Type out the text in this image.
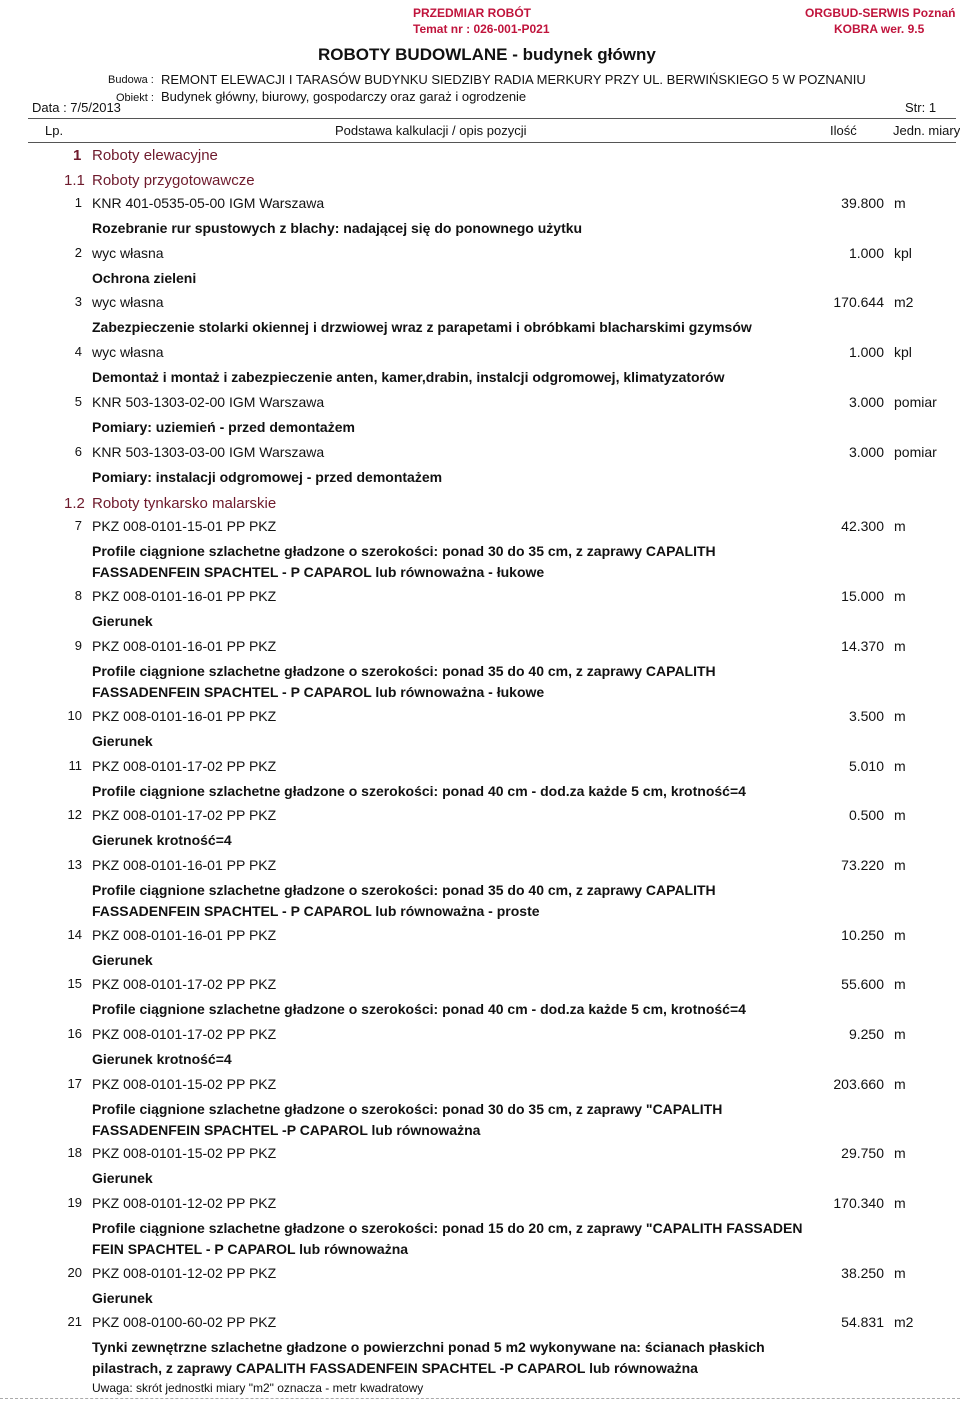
PRZEDMIAR ROBÓT
Temat nr : 026-001-P021
ORGBUD-SERWIS Poznań
KOBRA wer. 9.5
ROBOTY BUDOWLANE - budynek główny
Budowa : REMONT ELEWACJI I TARASÓW BUDYNKU SIEDZIBY RADIA MERKURY PRZY UL. BERWIŃSKIEGO 5 W POZNANIU
Obiekt : Budynek główny, biurowy, gospodarczy oraz garaż i ogrodzenie
Data : 7/5/2013	Str: 1
Lp.	Podstawa kalkulacji / opis pozycji	Ilość	Jedn. miary
1 Roboty elewacyjne
1.1 Roboty przygotowawcze
1.2 Roboty tynkarsko malarskie
1 KNR 401-0535-05-00 IGM Warszawa	39.800 m
Rozebranie rur spustowych z blachy: nadającej się do ponownego użytku
2 wyc własna	1.000 kpl
Ochrona zieleni
3 wyc własna	170.644 m2
Zabezpieczenie stolarki okiennej i drzwiowej wraz z parapetami i obróbkami blacharskimi gzymsów
4 wyc własna	1.000 kpl
Demontaż i montaż i zabezpieczenie anten, kamer,drabin, instalcji odgromowej, klimatyzatorów
5 KNR 503-1303-02-00 IGM Warszawa	3.000 pomiar
Pomiary: uziemień - przed demontażem
6 KNR 503-1303-03-00 IGM Warszawa	3.000 pomiar
Pomiary: instalacji odgromowej - przed demontażem
7 PKZ 008-0101-15-01 PP PKZ	42.300 m
Profile ciągnione szlachetne gładzone o szerokości: ponad 30 do 35 cm, z zaprawy CAPALITH
FASSADENFEIN SPACHTEL - P CAPAROL lub równoważna - łukowe
8 PKZ 008-0101-16-01 PP PKZ	15.000 m
Gierunek
9 PKZ 008-0101-16-01 PP PKZ	14.370 m
Profile ciągnione szlachetne gładzone o szerokości: ponad 35 do 40 cm, z zaprawy CAPALITH
FASSADENFEIN SPACHTEL - P CAPAROL lub równoważna - łukowe
10 PKZ 008-0101-16-01 PP PKZ	3.500 m
Gierunek
11 PKZ 008-0101-17-02 PP PKZ	5.010 m
Profile ciągnione szlachetne gładzone o szerokości: ponad 40 cm - dod.za każde 5 cm, krotność=4
12 PKZ 008-0101-17-02 PP PKZ	0.500 m
Gierunek krotność=4
13 PKZ 008-0101-16-01 PP PKZ	73.220 m
Profile ciągnione szlachetne gładzone o szerokości: ponad 35 do 40 cm, z zaprawy CAPALITH
FASSADENFEIN SPACHTEL - P CAPAROL lub równoważna - proste
14 PKZ 008-0101-16-01 PP PKZ	10.250 m
Gierunek
15 PKZ 008-0101-17-02 PP PKZ	55.600 m
Profile ciągnione szlachetne gładzone o szerokości: ponad 40 cm - dod.za każde 5 cm, krotność=4
16 PKZ 008-0101-17-02 PP PKZ	9.250 m
Gierunek krotność=4
17 PKZ 008-0101-15-02 PP PKZ	203.660 m
Profile ciągnione szlachetne gładzone o szerokości: ponad 30 do 35 cm, z zaprawy "CAPALITH
FASSADENFEIN SPACHTEL -P CAPAROL lub równoważna
18 PKZ 008-0101-15-02 PP PKZ	29.750 m
Gierunek
19 PKZ 008-0101-12-02 PP PKZ	170.340 m
Profile ciągnione szlachetne gładzone o szerokości: ponad 15 do 20 cm, z zaprawy "CAPALITH FASSADEN
FEIN SPACHTEL - P CAPAROL lub równoważna
20 PKZ 008-0101-12-02 PP PKZ	38.250 m
Gierunek
21 PKZ 008-0100-60-02 PP PKZ	54.831 m2
Tynki zewnętrzne szlachetne gładzone o powierzchni ponad 5 m2 wykonywane na: ścianach płaskich
pilastrach, z zaprawy CAPALITH FASSADENFEIN SPACHTEL -P CAPAROL lub równoważna
Uwaga: skrót jednostki miary "m2" oznacza - metr kwadratowy
